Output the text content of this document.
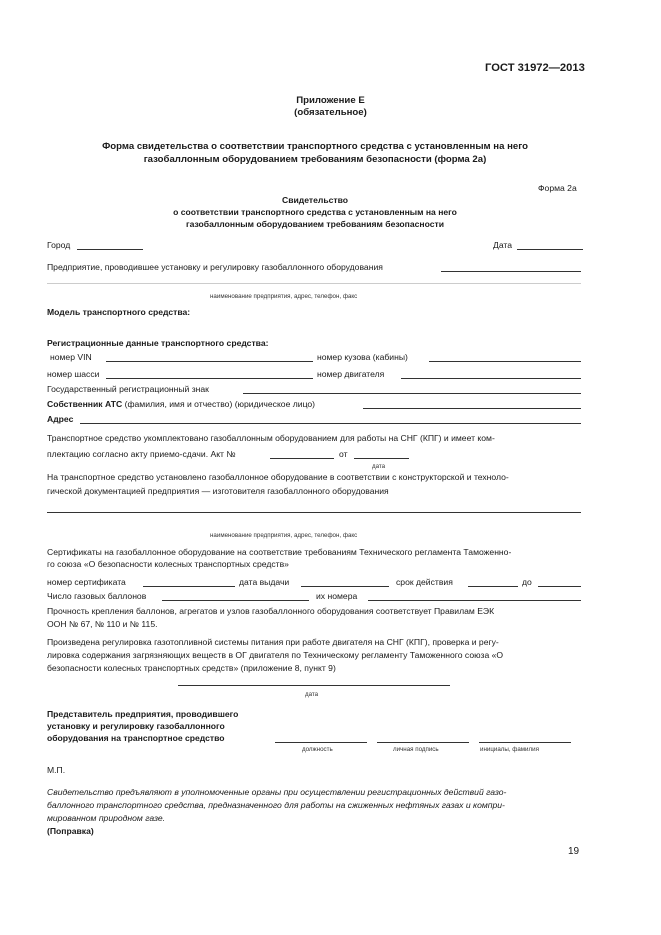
ГОСТ 31972—2013
Приложение Е
(обязательное)
Форма свидетельства о соответствии транспортного средства с установленным на него
газобаллонным оборудованием требованиям безопасности (форма 2а)
Форма 2а
Свидетельство
о соответствии транспортного средства с установленным на него
газобаллонным оборудованием требованиям безопасности
Город	Дата
Предприятие, проводившее установку и регулировку газобаллонного оборудования
наименование предприятия, адрес, телефон, факс
Модель транспортного средства:
Регистрационные данные транспортного средства:
номер VIN	номер кузова (кабины)
номер шасси	номер двигателя
Государственный регистрационный знак
Собственник АТС (фамилия, имя и отчество) (юридическое лицо)
Адрес
Транспортное средство укомплектовано газобаллонным оборудованием для работы на СНГ (КПГ) и имеет ком-
плектацию согласно акту приемо-сдачи. Акт №	от
дата
На транспортное средство установлено газобаллонное оборудование в соответствии с конструкторской и техноло-
гической документацией предприятия — изготовителя газобаллонного оборудования
наименование предприятия, адрес, телефон, факс
Сертификаты на газобаллонное оборудование на соответствие требованиям Технического регламента Таможенно-
го союза «О безопасности колесных транспортных средств»
номер сертификата	дата выдачи	срок действия	до
Число газовых баллонов	их номера
Прочность крепления баллонов, агрегатов и узлов газобаллонного оборудования соответствует Правилам ЕЭК
ООН № 67, № 110 и № 115.
Произведена регулировка газотопливной системы питания при работе двигателя на СНГ (КПГ), проверка и регу-
лировка содержания загрязняющих веществ в ОГ двигателя по Техническому регламенту Таможенного союза «О
безопасности колесных транспортных средств» (приложение 8, пункт 9)
дата
Представитель предприятия, проводившего
установку и регулировку газобаллонного
оборудования на транспортное средство
должность	личная подпись	инициалы, фамилия
М.П.
Свидетельство предъявляют в уполномоченные органы при осуществлении регистрационных действий газо-
баллонного транспортного средства, предназначенного для работы на сжиженных нефтяных газах и компри-
мированном природном газе.
(Поправка)
19
